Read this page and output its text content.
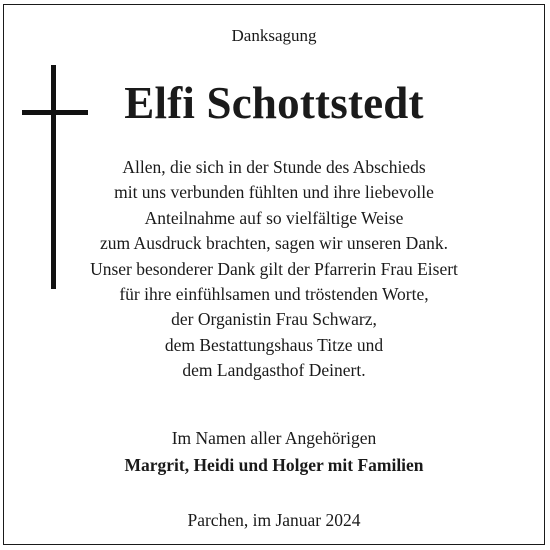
Danksagung
Elfi Schottstedt
Allen, die sich in der Stunde des Abschieds
mit uns verbunden fühlten und ihre liebevolle
Anteilnahme auf so vielfältige Weise
zum Ausdruck brachten, sagen wir unseren Dank.
Unser besonderer Dank gilt der Pfarrerin Frau Eisert
für ihre einfühlsamen und tröstenden Worte,
der Organistin Frau Schwarz,
dem Bestattungshaus Titze und
dem Landgasthof Deinert.
Im Namen aller Angehörigen
Margrit, Heidi und Holger mit Familien
Parchen, im Januar 2024
